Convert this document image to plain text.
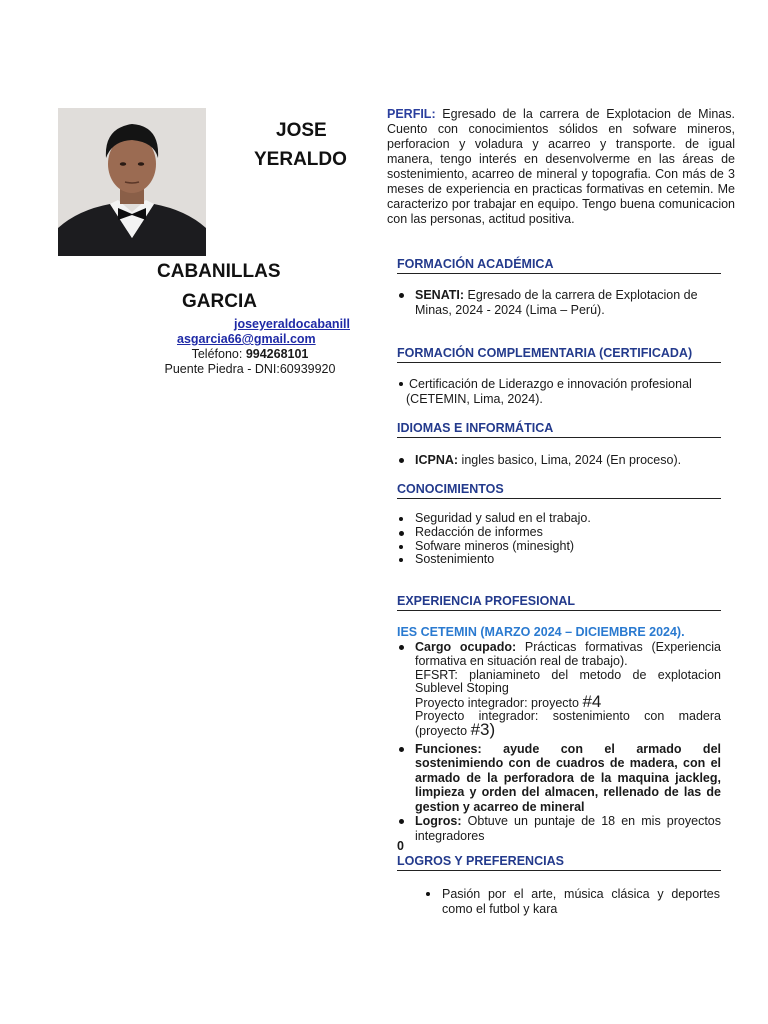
JOSE
YERALDO
CABANILLAS
GARCIA
joseyeraldocabanill
asgarcia66@gmail.com
Teléfono: 994268101
Puente Piedra - DNI:60939920
PERFIL: Egresado de la carrera de Explotacion de Minas. Cuento con conocimientos sólidos en sofware mineros, perforacion y voladura y acarreo y transporte. de igual manera, tengo interés en desenvolverme en las áreas de sostenimiento, acarreo de mineral y topografia. Con más de 3 meses de experiencia en practicas formativas en cetemin. Me caracterizo por trabajar en equipo. Tengo buena comunicacion con las personas, actitud positiva.
FORMACIÓN ACADÉMICA
SENATI: Egresado de la carrera de Explotacion de Minas, 2024 - 2024 (Lima – Perú).
FORMACIÓN COMPLEMENTARIA (CERTIFICADA)
Certificación de Liderazgo e innovación profesional
(CETEMIN, Lima, 2024).
IDIOMAS E INFORMÁTICA
ICPNA: ingles basico, Lima, 2024 (En proceso).
CONOCIMIENTOS
Seguridad y salud en el trabajo.
Redacción de informes
Sofware mineros (minesight)
Sostenimiento
EXPERIENCIA PROFESIONAL
IES CETEMIN (MARZO 2024 – DICIEMBRE 2024).
Cargo ocupado: Prácticas formativas (Experiencia formativa en situación real de trabajo).
EFSRT: planiamineto del metodo de explotacion Sublevel Stoping
Proyecto integrador: proyecto #4
Proyecto integrador: sostenimiento con madera (proyecto #3)
Funciones: ayude con el armado del sostenimiendo con de cuadros de madera, con el armado de la perforadora de la maquina jackleg, limpieza y orden del almacen, rellenado de las de gestion y acarreo de mineral
Logros: Obtuve un puntaje de 18 en mis proyectos integradores
0
LOGROS Y PREFERENCIAS
Pasión por el arte, música clásica y deportes como el futbol y kara
